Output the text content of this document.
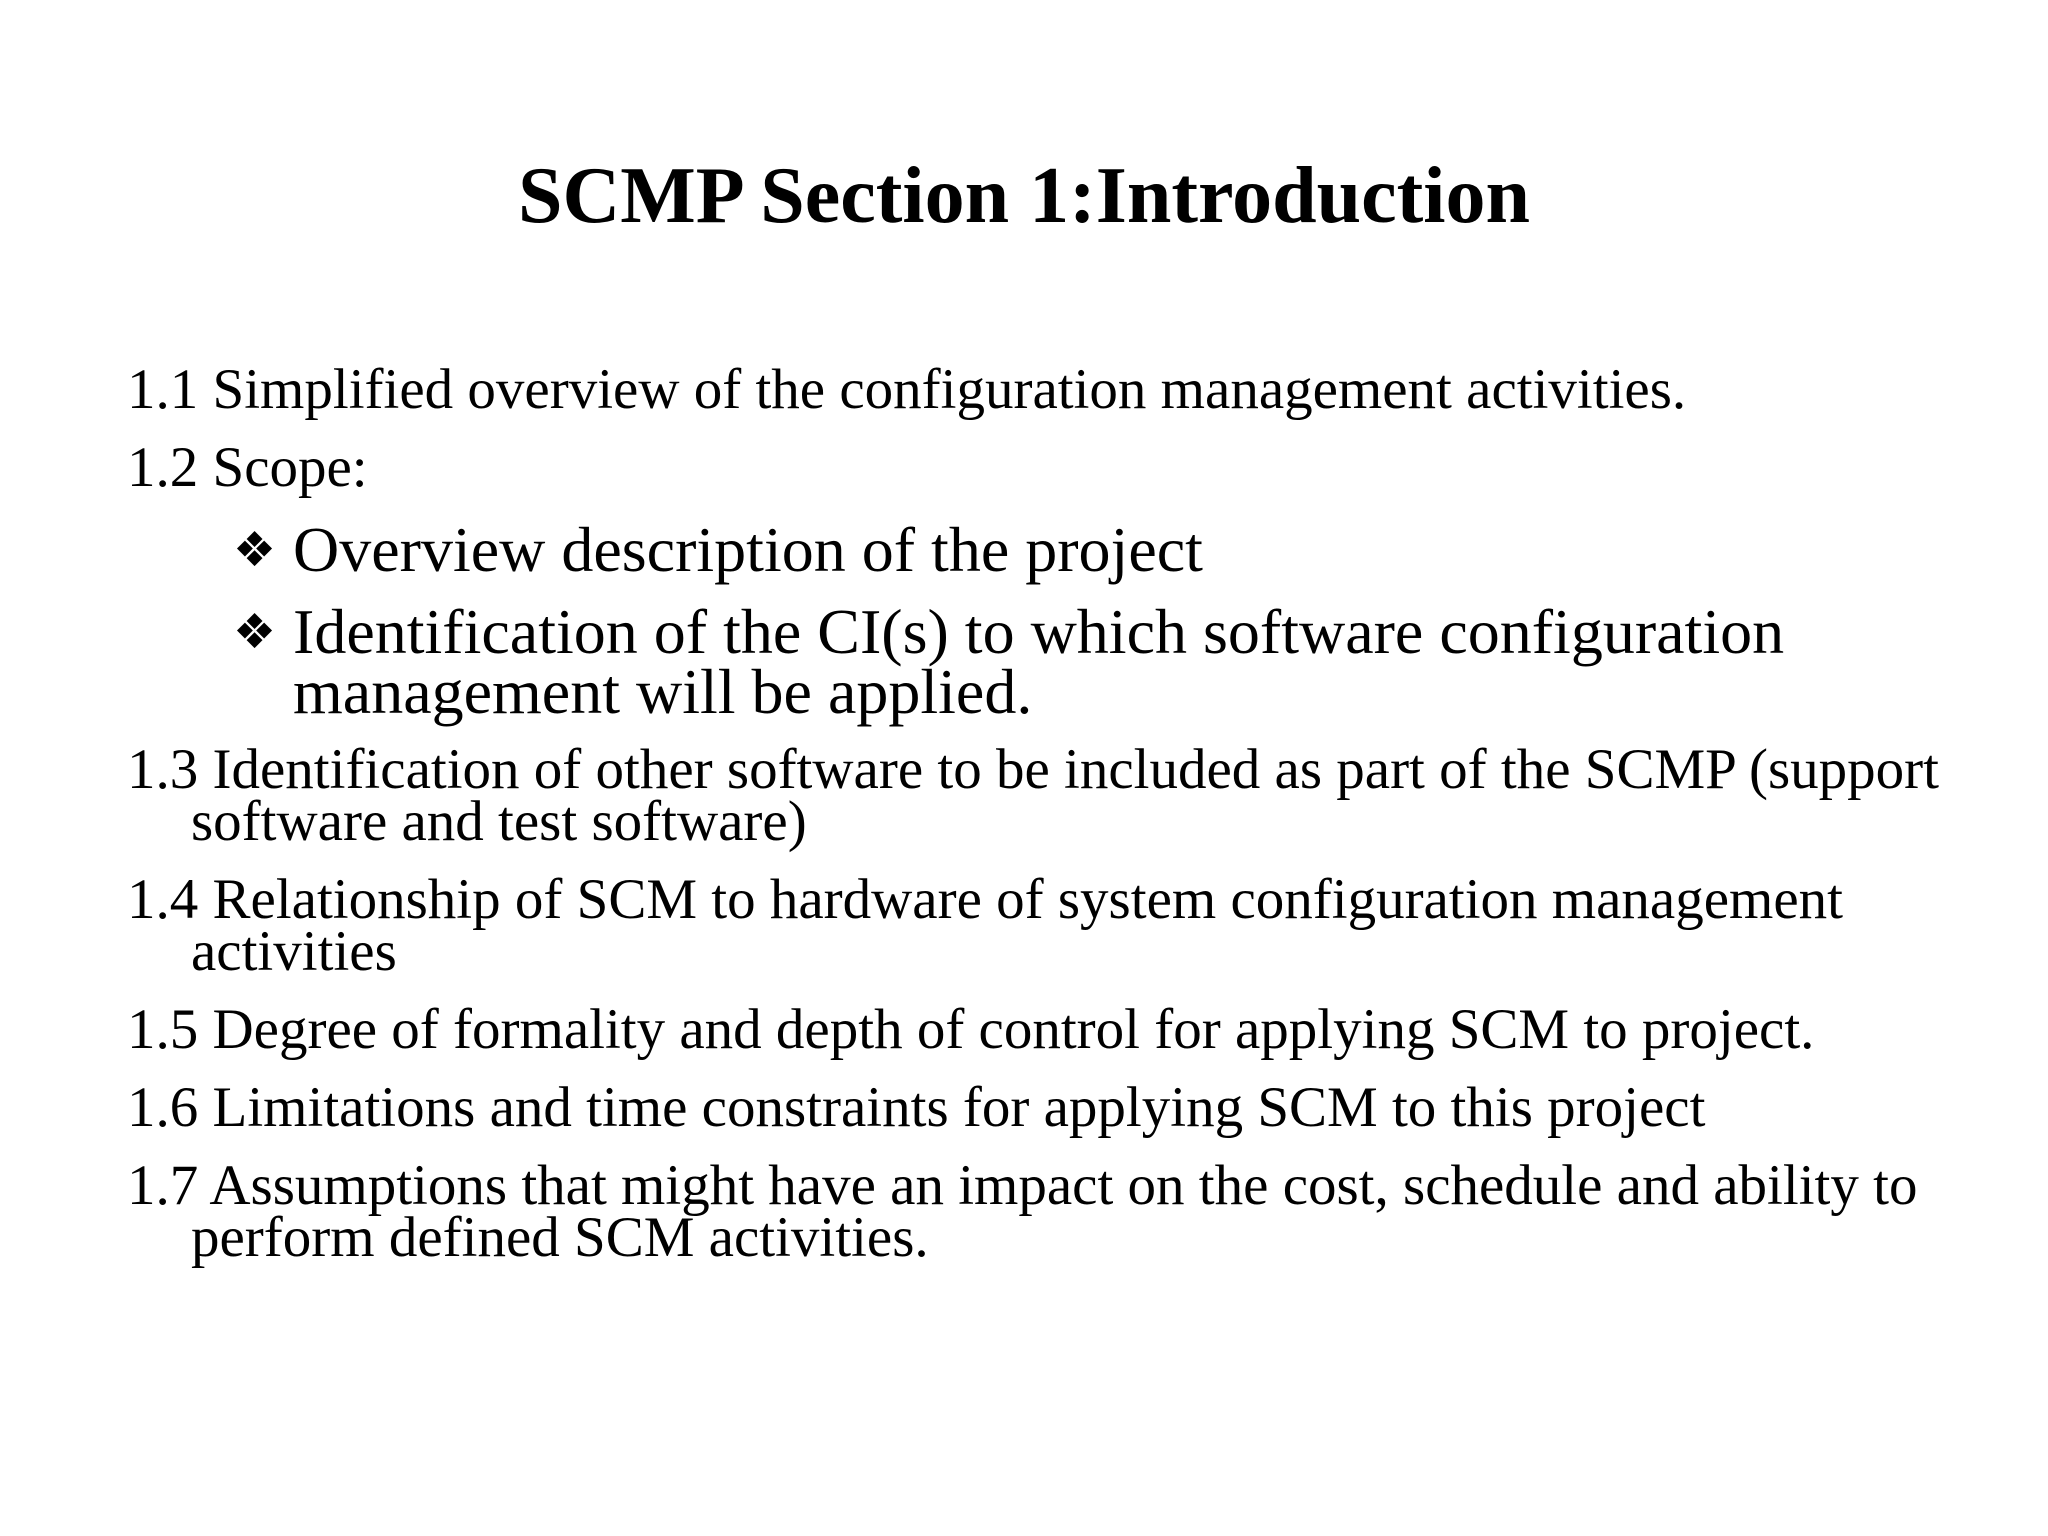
SCMP Section 1:Introduction
1.1 Simplified overview of the configuration management activities.
1.2 Scope:
❖ Overview description of the project
❖ Identification of the CI(s) to which software configuration management will be applied.
1.3 Identification of other software to be included as part of the SCMP (support software and test software)
1.4 Relationship of SCM to hardware of system configuration management activities
1.5 Degree of formality and depth of control for applying SCM to project.
1.6 Limitations and time constraints for applying SCM to this project
1.7 Assumptions that might have an impact on the cost, schedule and ability to perform defined SCM activities.
